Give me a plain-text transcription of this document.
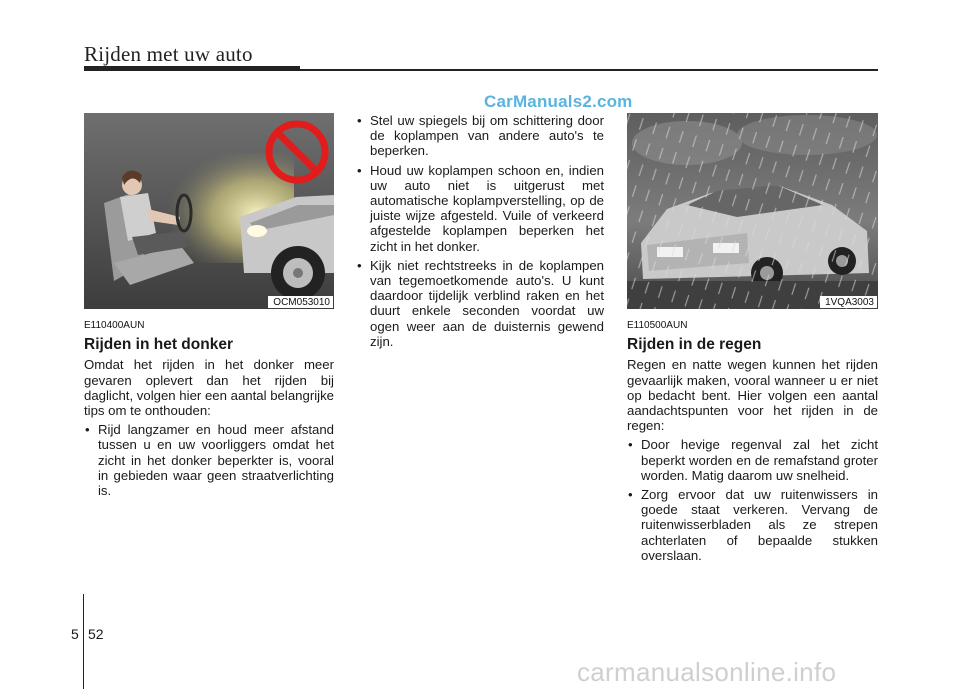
Rijden met uw auto
CarManuals2.com
OCM053010	1VQA3003
E110400AUN
Rijden in het donker

Omdat het rijden in het donker meer gevaren oplevert dan het rijden bij daglicht, volgen hier een aantal belangrijke tips om te onthouden:

• Rijd langzamer en houd meer afstand tussen u en uw voorliggers omdat het zicht in het donker beperkter is, vooral in gebieden waar geen straatverlichting is.
• Stel uw spiegels bij om schittering door de koplampen van andere auto's te beperken.
• Houd uw koplampen schoon en, indien uw auto niet is uitgerust met automatische koplampverstelling, op de juiste wijze afgesteld. Vuile of verkeerd afgestelde koplampen beperken het zicht in het donker.
• Kijk niet rechtstreeks in de koplampen van tegemoetkomende auto's. U kunt daardoor tijdelijk verblind raken en het duurt enkele seconden voordat uw ogen weer aan de duisternis gewend zijn.
E110500AUN
Rijden in de regen

Regen en natte wegen kunnen het rijden gevaarlijk maken, vooral wanneer u er niet op bedacht bent. Hier volgen een aantal aandachtspunten voor het rijden in de regen:

• Door hevige regenval zal het zicht beperkt worden en de remafstand groter worden. Matig daarom uw snelheid.
• Zorg ervoor dat uw ruitenwissers in goede staat verkeren. Vervang de ruitenwisserbladen als ze strepen achterlaten of bepaalde stukken overslaan.
5 52
carmanualsonline.info
